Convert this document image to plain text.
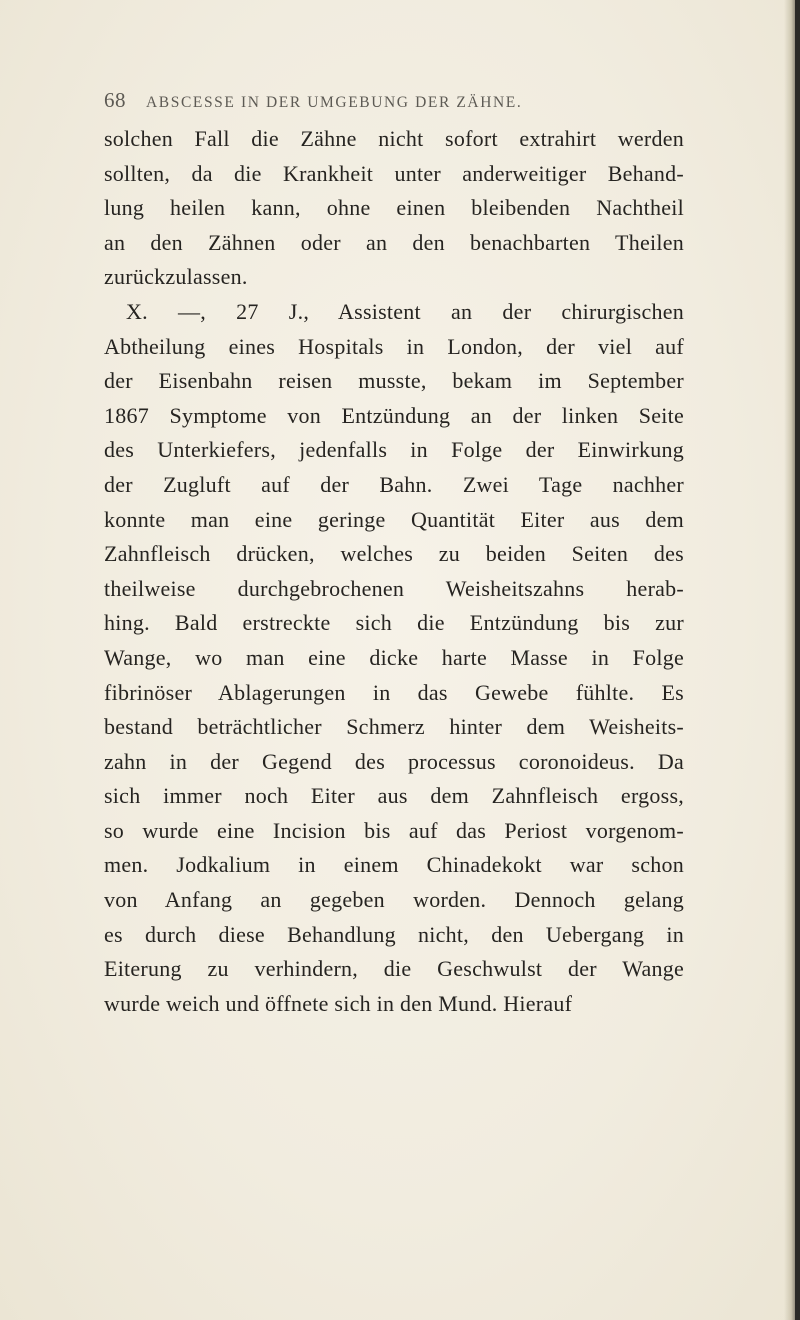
68	ABSCESSE IN DER UMGEBUNG DER ZÄHNE.
solchen Fall die Zähne nicht sofort extrahirt werden
sollten, da die Krankheit unter anderweitiger Behand-
lung heilen kann, ohne einen bleibenden Nachtheil
an den Zähnen oder an den benachbarten Theilen
zurückzulassen.
X. —, 27 J., Assistent an der chirurgischen
Abtheilung eines Hospitals in London, der viel auf
der Eisenbahn reisen musste, bekam im September
1867 Symptome von Entzündung an der linken Seite
des Unterkiefers, jedenfalls in Folge der Einwirkung
der Zugluft auf der Bahn. Zwei Tage nachher
konnte man eine geringe Quantität Eiter aus dem
Zahnfleisch drücken, welches zu beiden Seiten des
theilweise durchgebrochenen Weisheitszahns herab-
hing. Bald erstreckte sich die Entzündung bis zur
Wange, wo man eine dicke harte Masse in Folge
fibrinöser Ablagerungen in das Gewebe fühlte. Es
bestand beträchtlicher Schmerz hinter dem Weisheits-
zahn in der Gegend des processus coronoideus. Da
sich immer noch Eiter aus dem Zahnfleisch ergoss,
so wurde eine Incision bis auf das Periost vorgenom-
men. Jodkalium in einem Chinadekokt war schon
von Anfang an gegeben worden. Dennoch gelang
es durch diese Behandlung nicht, den Uebergang in
Eiterung zu verhindern, die Geschwulst der Wange
wurde weich und öffnete sich in den Mund. Hierauf
